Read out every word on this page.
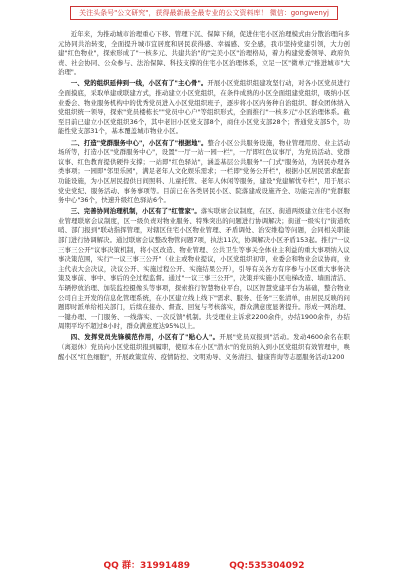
关注头条号"公文研究"，获得最新最全最专业的公文资料库！ 微信：gongwenyj

近年来，为推动城市治理重心下移、管理下沉、保障下倾，促进住宅小区治理模式由分散治理向多元协同共治转变，全面提升城市宜居度和居民获得感、幸福感、安全感，我市坚持党建引领，大力创建"红色物业"，探索形成了"一核多元、共建共治"的"完美小区"治理格局，着力构建党委领导、政府负责、社会协同、公众参与、法治保障、科技支撑的住宅小区治理体系，立足一区"微单元"推进城市"大治理"。

一、党的组织延伸到一线，小区有了"主心骨"。开展小区党组织组建攻坚行动，对各小区党员进行全面摸底，采取单建或联建方式，推动建立小区党组织，在条件成熟的小区全面组建党组织，吸纳小区业委会、物业服务机构中的优秀党员进入小区党组织班子，逐步将小区内务种自治组织、群众团体纳入党组织统一领导，探索"党员楼栋长""党员中心户"等组织形式，全面推行"一核多元"小区治理体系。截至目前已建立小区党组织36个，其中老旧小区党支部8个，商住小区党支部28个；普通党支部5个，功能性党支部31个，基本覆盖城市物业小区。

二、打造"党群服务中心"，小区有了"根据地"。整合小区公共服务设施，物业管理用房、业主活动场所等，打造小区"党群服务中心"，设置"一厅一站一园一栏"，一厅即红色议事厅，为党员活动、党群议事、红色教育提供硬件支撑；一站即"红色驿站"，涵盖基层公共服务"一门式"服务站，为居民办理各类事项；一园即"邻里乐园"，满足老年人文化娱乐需求；一栏即"党务公开栏"，根据小区居民需求配套功能设施，为小区居民提供日间照料、儿童托管、老年人休闲等服务，建设"党建解忧专栏"，用于展示党史党纪、服务活动、事务事项等。目前已在各类居民小区、院落建成设施齐全、功能完善的"党群服务中心"36个，快速升级红色驿站6个。

三、完善协同治理机制，小区有了"红管家"。落实联席会议制度，在区、街道两级建立住宅小区物业管理联席会议制度，区一级负责对物业服务、特殊突出的问题进行协调解决；街道一级实行"街道吹哨、部门报到"联动指挥管理，对辖区住宅小区物业管理、矛盾调处、治安维稳等问题，会同相关职能部门进行协调解决。通过联席会议整改物管问题7项，执法11次，协调解决小区矛盾153起。推行"一议三事三公开"议事决策机制，将小区改造、物业管理、公共卫生等事关全体业主利益的重大事项纳入议事决策范围，实行"一议三事三公开"（业主或物业提议，小区党组织初审，业委会和物业会议协商，业主代表大会决议，决议公开、实施过程公开、实施结果公开），引导有关各方有序参与小区重大事务决策及事前、事中、事后的全过程监督。通过"一议三事三公开"，决策并实施小区电梯改造、墙面清洁、车辆停放治理、加装监控摄像头等事项，探索推行智慧物业平台，以区智慧党建平台为基础，整合物业公司自主开发的信息化管理系统，在小区建立线上线下"需求、服务、任务"三张清单，由居民反映的问题即时派单给相关部门，后续在接办、督查、回复与考核落实，群众满意度显著提升。形成一网治理、一键办理、一门服务、一线落实、一次反馈"机制。共受理业主诉求2200余件，办结1900余件，办结周期平均不超过8小时，群众满意度达95%以上。

四、发挥党员先锋模范作用，小区有了"贴心人"。开展"党员双报到"活动。发动4600余名在职（离退休）党员向小区党组织报到履职，使原本在小区"潜水"的党员纳入到小区党组织有效管理中，唤醒小区"红色细胞"，开展政策宣传、疫情防控、文明劝导、义务清扫、健康咨询等志愿服务活动1200

QQ 群：31991489	QQ:535304092
